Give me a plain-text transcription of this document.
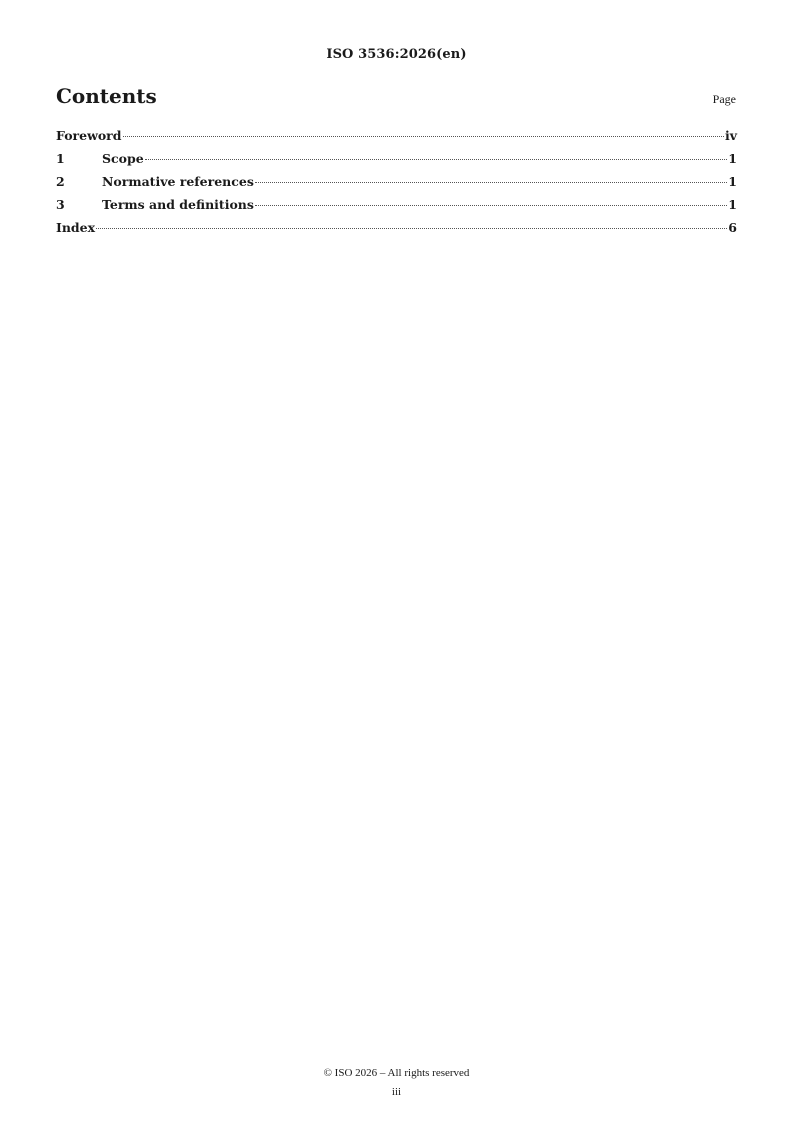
ISO 3536:2026(en)
Contents	Page
Foreword	iv
1	Scope	1
2	Normative references	1
3	Terms and definitions	1
Index	6
© ISO 2026 – All rights reserved
iii
